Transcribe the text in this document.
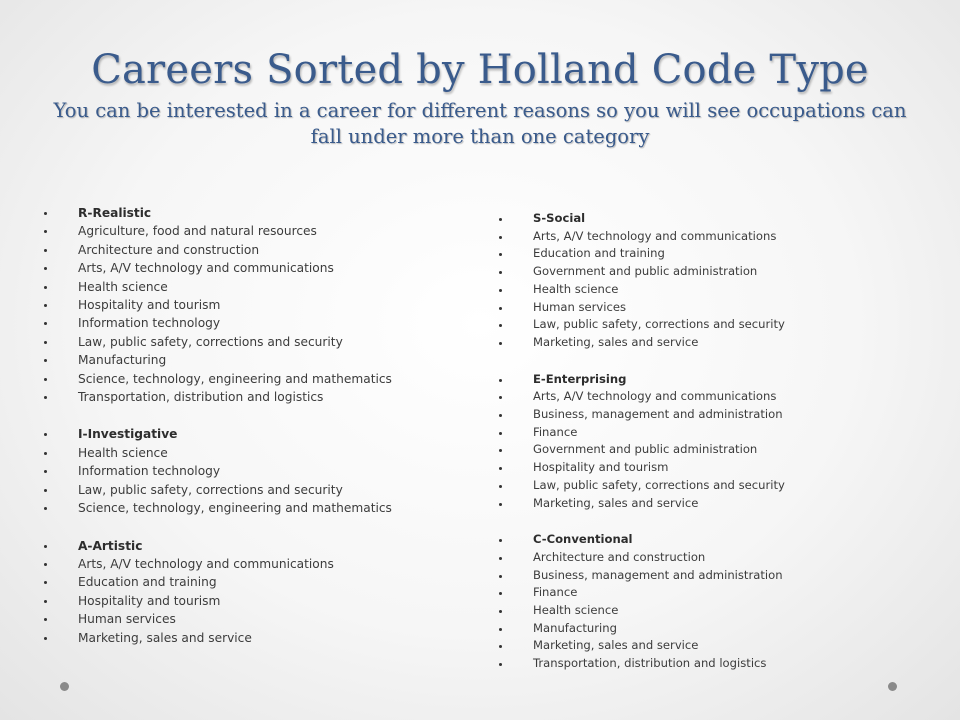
Careers Sorted by Holland Code Type
You can be interested in a career for different reasons so you will see occupations can fall under more than one category
R-Realistic
Agriculture, food and natural resources
Architecture and construction
Arts, A/V technology and communications
Health science
Hospitality and tourism
Information technology
Law, public safety, corrections and security
Manufacturing
Science, technology, engineering and mathematics
Transportation, distribution and logistics
I-Investigative
Health science
Information technology
Law, public safety, corrections and security
Science, technology, engineering and mathematics
A-Artistic
Arts, A/V technology and communications
Education and training
Hospitality and tourism
Human services
Marketing, sales and service
S-Social
Arts, A/V technology and communications
Education and training
Government and public administration
Health science
Human services
Law, public safety, corrections and security
Marketing, sales and service
E-Enterprising
Arts, A/V technology and communications
Business, management and administration
Finance
Government and public administration
Hospitality and tourism
Law, public safety, corrections and security
Marketing, sales and service
C-Conventional
Architecture and construction
Business, management and administration
Finance
Health science
Manufacturing
Marketing, sales and service
Transportation, distribution and logistics
